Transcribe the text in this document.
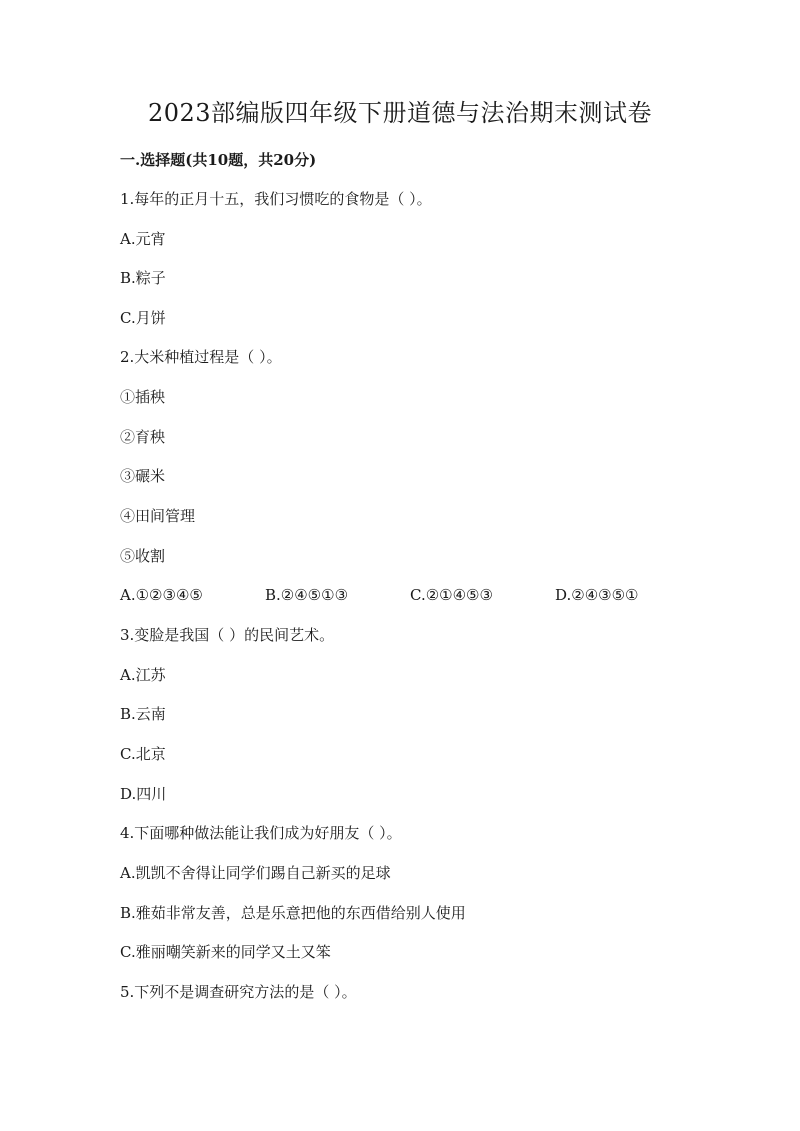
2023部编版四年级下册道德与法治期末测试卷
一.选择题(共10题，共20分)
1.每年的正月十五，我们习惯吃的食物是（ ）。
A.元宵
B.粽子
C.月饼
2.大米种植过程是（ ）。
①插秧
②育秧
③碾米
④田间管理
⑤收割
A.①②③④⑤	B.②④⑤①③	C.②①④⑤③	D.②④③⑤①
3.变脸是我国（ ）的民间艺术。
A.江苏
B.云南
C.北京
D.四川
4.下面哪种做法能让我们成为好朋友（ ）。
A.凯凯不舍得让同学们踢自己新买的足球
B.雅茹非常友善，总是乐意把他的东西借给别人使用
C.雅丽嘲笑新来的同学又土又笨
5.下列不是调查研究方法的是（ ）。
